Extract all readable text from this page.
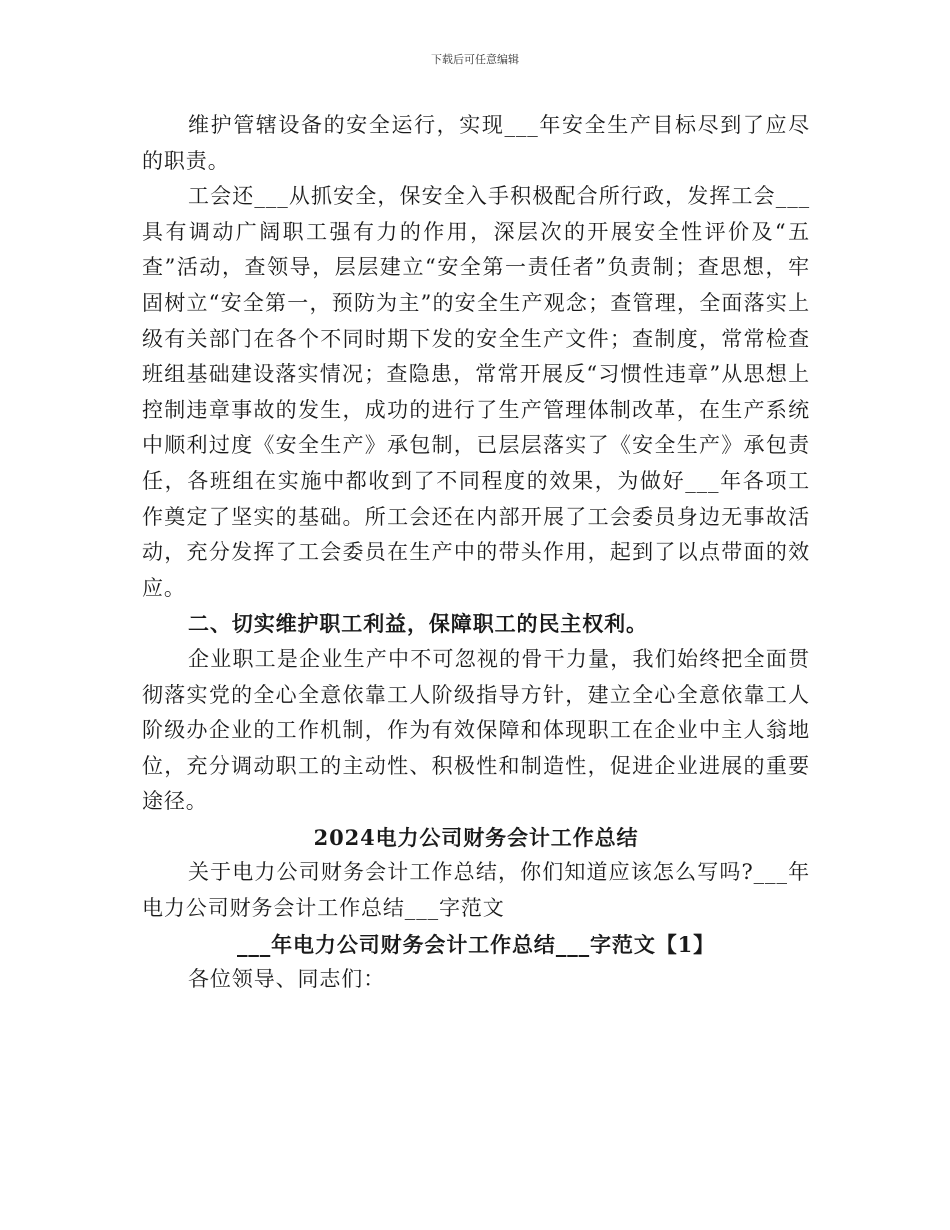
下载后可任意编辑

维护管辖设备的安全运行，实现___年安全生产目标尽到了应尽的职责。

工会还___从抓安全，保安全入手积极配合所行政，发挥工会___具有调动广阔职工强有力的作用，深层次的开展安全性评价及“五查”活动，查领导，层层建立“安全第一责任者”负责制；查思想，牢固树立“安全第一，预防为主”的安全生产观念；查管理，全面落实上级有关部门在各个不同时期下发的安全生产文件；查制度，常常检查班组基础建设落实情况；查隐患，常常开展反“习惯性违章”从思想上控制违章事故的发生，成功的进行了生产管理体制改革，在生产系统中顺利过度《安全生产》承包制，已层层落实了《安全生产》承包责任，各班组在实施中都收到了不同程度的效果，为做好___年各项工作奠定了坚实的基础。所工会还在内部开展了工会委员身边无事故活动，充分发挥了工会委员在生产中的带头作用，起到了以点带面的效应。

二、切实维护职工利益，保障职工的民主权利。

企业职工是企业生产中不可忽视的骨干力量，我们始终把全面贯彻落实党的全心全意依靠工人阶级指导方针，建立全心全意依靠工人阶级办企业的工作机制，作为有效保障和体现职工在企业中主人翁地位，充分调动职工的主动性、积极性和制造性，促进企业进展的重要途径。

2024电力公司财务会计工作总结

关于电力公司财务会计工作总结，你们知道应该怎么写吗?___年电力公司财务会计工作总结___字范文

___年电力公司财务会计工作总结___字范文【1】

各位领导、同志们：
